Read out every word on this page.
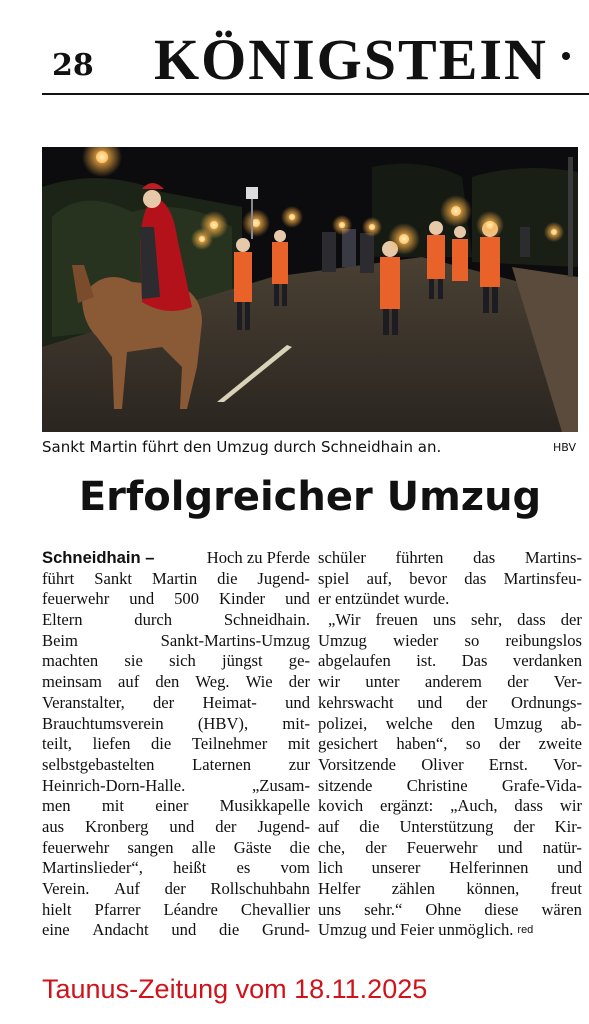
28 KÖNIGSTEIN
Sankt Martin führt den Umzug durch Schneidhain an.	HBV
Erfolgreicher Umzug
Schneidhain –	Hoch zu Pferde
führt Sankt Martin die Jugend-
feuerwehr und 500 Kinder und
Eltern	durch	Schneidhain.
Beim	Sankt-Martins-Umzug
machten sie sich jüngst ge-
meinsam auf den Weg. Wie der
Veranstalter, der Heimat- und
Brauchtumsverein (HBV), mit-
teilt, liefen die Teilnehmer mit
selbstgebastelten Laternen zur
Heinrich-Dorn-Halle.	„Zusam-
men mit einer Musikkapelle
aus Kronberg und der Jugend-
feuerwehr sangen alle Gäste die
Martinslieder“, heißt es vom
Verein. Auf der Rollschuhbahn
hielt Pfarrer Léandre Chevallier
eine Andacht und die Grund-
schüler führten das Martins-
spiel auf, bevor das Martinsfeu-
er entzündet wurde.
„Wir freuen uns sehr, dass der
Umzug wieder so reibungslos
abgelaufen ist. Das verdanken
wir unter anderem der Ver-
kehrswacht und der Ordnungs-
polizei, welche den Umzug ab-
gesichert haben“, so der zweite
Vorsitzende Oliver Ernst. Vor-
sitzende Christine Grafe-Vida-
kovich ergänzt: „Auch, dass wir
auf die Unterstützung der Kir-
che, der Feuerwehr und natür-
lich unserer Helferinnen und
Helfer zählen können, freut
uns sehr.“ Ohne diese wären
Umzug und Feier unmöglich. red
Taunus-Zeitung vom 18.11.2025
